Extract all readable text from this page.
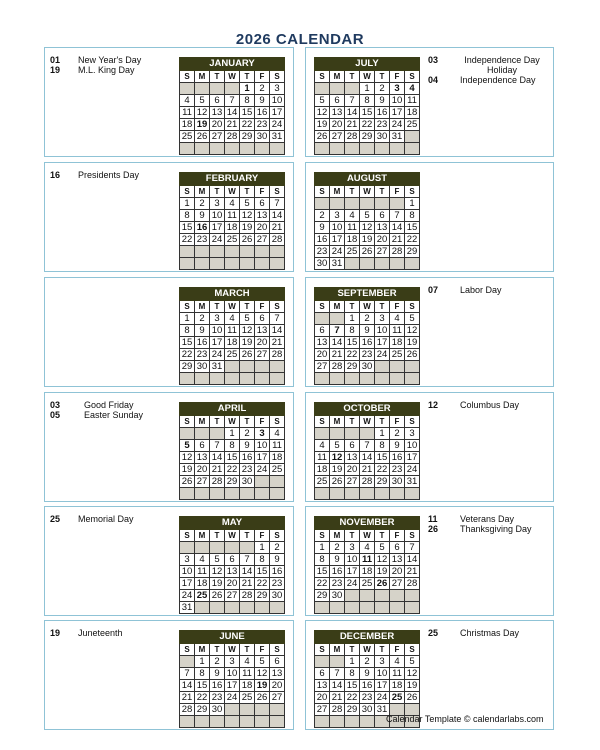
2026 CALENDAR
JANUARY						
S	M	T	W	T	F	S
				1	2	3
4	5	6	7	8	9	10
11	12	13	14	15	16	17
18	19	20	21	22	23	24
25	26	27	28	29	30	31

01 New Year's Day
19 M.L. King Day
FEBRUARY						
S	M	T	W	T	F	S
1	2	3	4	5	6	7
8	9	10	11	12	13	14
15	16	17	18	19	20	21
22	23	24	25	26	27	28

16 Presidents Day
MARCH						
S	M	T	W	T	F	S
1	2	3	4	5	6	7
8	9	10	11	12	13	14
15	16	17	18	19	20	21
22	23	24	25	26	27	28
29	30	31				

APRIL						
S	M	T	W	T	F	S
			1	2	3	4
5	6	7	8	9	10	11
12	13	14	15	16	17	18
19	20	21	22	23	24	25
26	27	28	29	30		

03	Good Friday
05	Easter Sunday
MAY						
S	M	T	W	T	F	S
					1	2
3	4	5	6	7	8	9
10	11	12	13	14	15	16
17	18	19	20	21	22	23
24	25	26	27	28	29	30
31						
25 Memorial Day
JUNE						
S	M	T	W	T	F	S
	1	2	3	4	5	6
7	8	9	10	11	12	13
14	15	16	17	18	19	20
21	22	23	24	25	26	27
28	29	30				

19 Juneteenth
JULY						
S	M	T	W	T	F	S
			1	2	3	4
5	6	7	8	9	10	11
12	13	14	15	16	17	18
19	20	21	22	23	24	25
26	27	28	29	30	31	

03	Independence Day Holiday
04 Independence Day
AUGUST						
S	M	T	W	T	F	S
						1
2	3	4	5	6	7	8
9	10	11	12	13	14	15
16	17	18	19	20	21	22
23	24	25	26	27	28	29
30	31					
SEPTEMBER						
S	M	T	W	T	F	S
		1	2	3	4	5
6	7	8	9	10	11	12
13	14	15	16	17	18	19
20	21	22	23	24	25	26
27	28	29	30			

07 Labor Day
OCTOBER						
S	M	T	W	T	F	S
				1	2	3
4	5	6	7	8	9	10
11	12	13	14	15	16	17
18	19	20	21	22	23	24
25	26	27	28	29	30	31

12 Columbus Day
NOVEMBER						
S	M	T	W	T	F	S
1	2	3	4	5	6	7
8	9	10	11	12	13	14
15	16	17	18	19	20	21
22	23	24	25	26	27	28
29	30					

11 Veterans Day
26 Thanksgiving Day
DECEMBER						
S	M	T	W	T	F	S
		1	2	3	4	5
6	7	8	9	10	11	12
13	14	15	16	17	18	19
20	21	22	23	24	25	26
27	28	29	30	31		

25 Christmas Day
Calendar Template © calendarlabs.com
